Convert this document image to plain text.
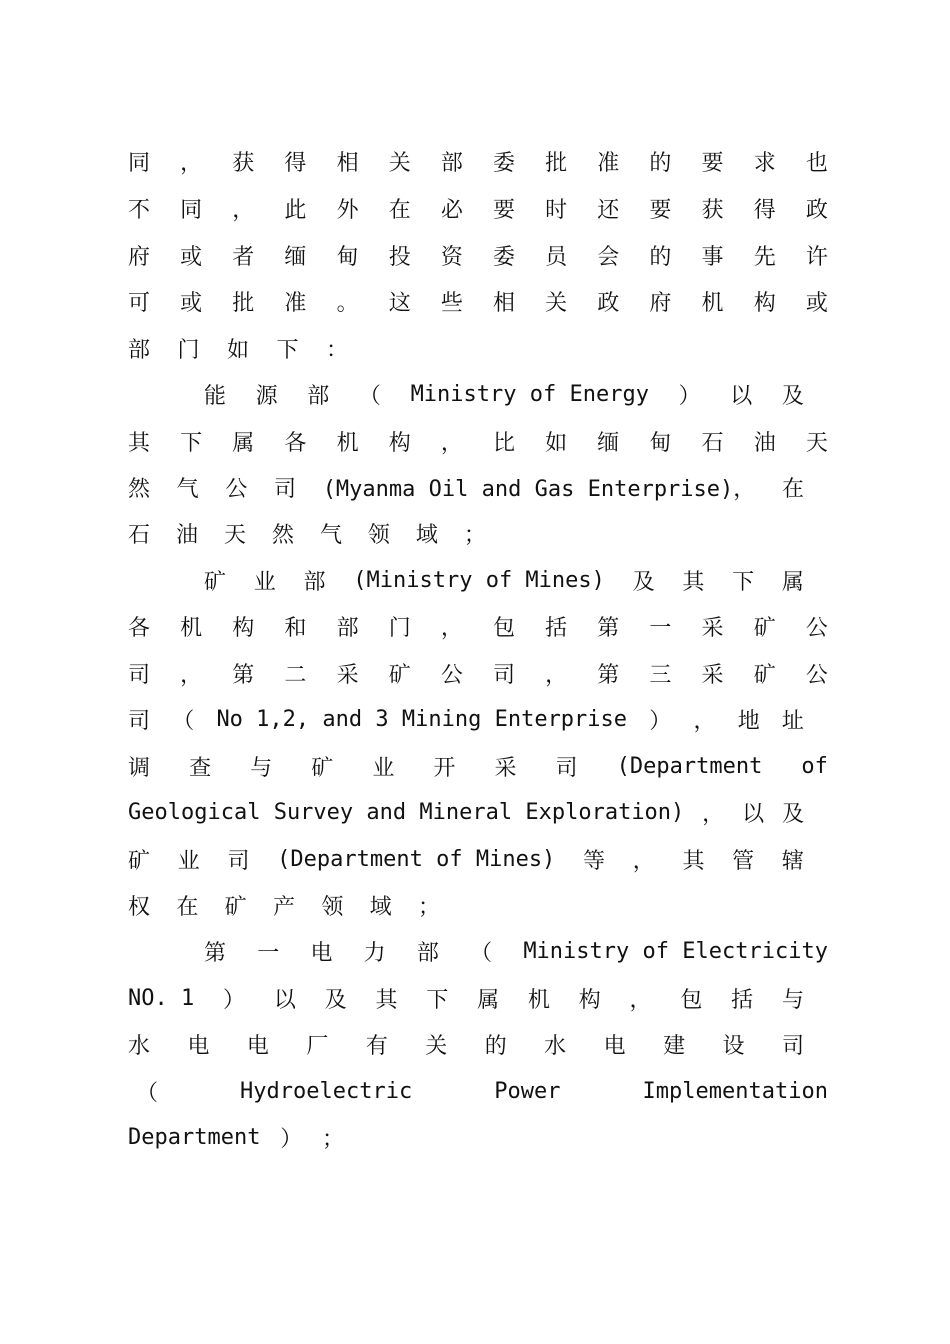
同 ， 获 得 相 关 部 委 批 准 的 要 求 也
不 同 ， 此 外 在 必 要 时 还 要 获 得 政
府 或 者 缅 甸 投 资 委 员 会 的 事 先 许
可 或 批 准 。 这 些 相 关 政 府 机 构 或
部 门 如 下 ：
能 源 部 （ Ministry of Energy ） 以 及
其 下 属 各 机 构 ， 比 如 缅 甸 石 油 天
然 气 公 司 (Myanma Oil and Gas Enterprise)， 在
石 油 天 然 气 领 域 ；
矿 业 部 (Ministry of Mines) 及 其 下 属
各 机 构 和 部 门 ， 包 括 第 一 采 矿 公
司 ， 第 二 采 矿 公 司 ， 第 三 采 矿 公
司 （ No 1,2, and 3 Mining Enterprise ） ， 地 址
调 查 与 矿 业 开 采 司 (Department of
Geological Survey and Mineral Exploration) ， 以 及
矿 业 司 (Department of Mines) 等 ， 其 管 辖
权 在 矿 产 领 域 ；
第 一 电 力 部 （ Ministry of Electricity
NO. 1 ） 以 及 其 下 属 机 构 ， 包 括 与
水 电 电 厂 有 关 的 水 电 建 设 司
（	Hydroelectric	Power	Implementation
Department ） ；
